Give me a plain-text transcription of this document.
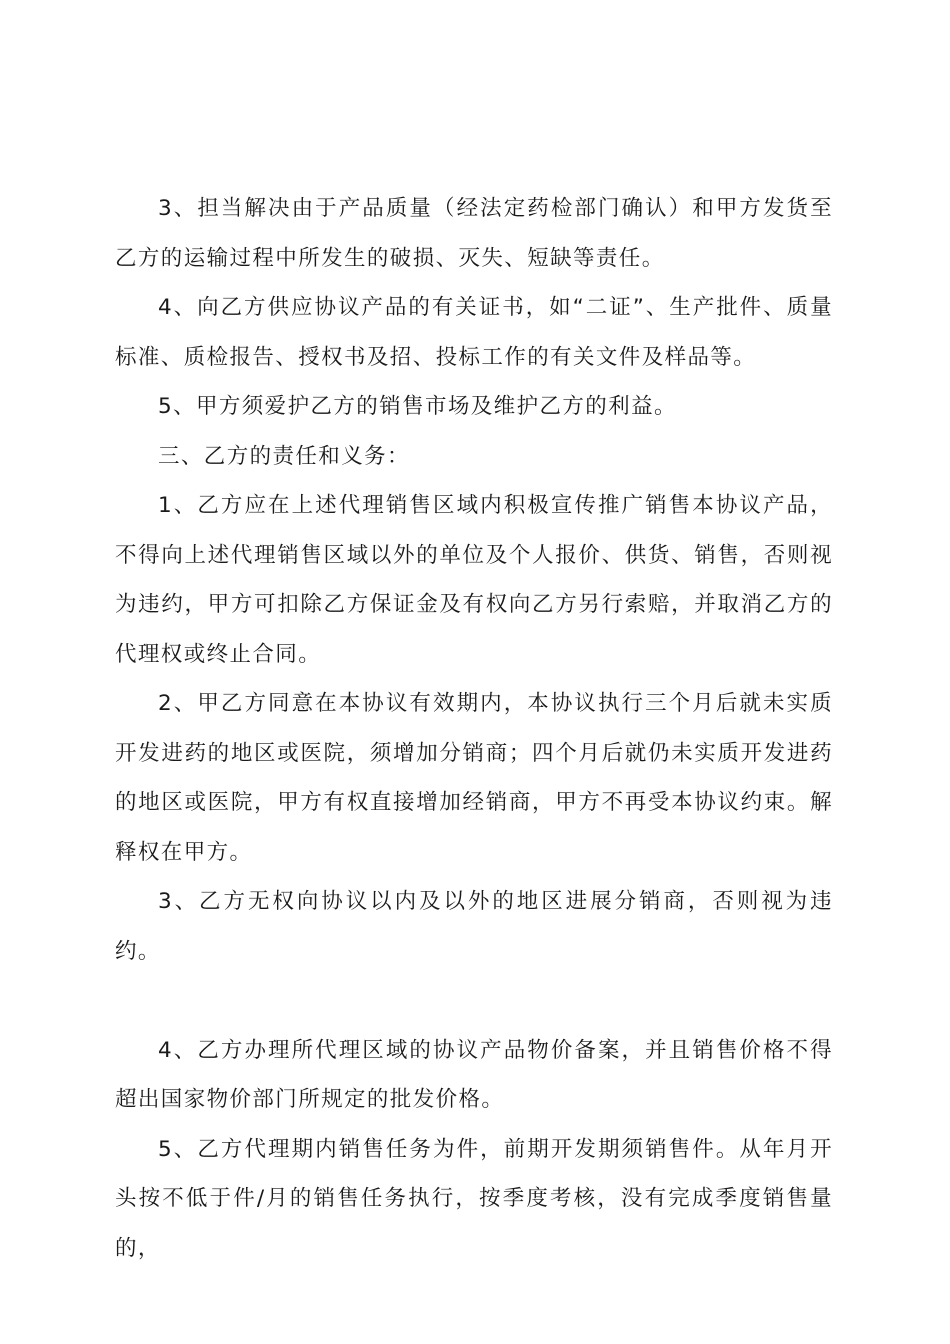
3、担当解决由于产品质量（经法定药检部门确认）和甲方发货至乙方的运输过程中所发生的破损、灭失、短缺等责任。

4、向乙方供应协议产品的有关证书，如“二证”、生产批件、质量标准、质检报告、授权书及招、投标工作的有关文件及样品等。

5、甲方须爱护乙方的销售市场及维护乙方的利益。

三、乙方的责任和义务：

1、乙方应在上述代理销售区域内积极宣传推广销售本协议产品，不得向上述代理销售区域以外的单位及个人报价、供货、销售，否则视为违约，甲方可扣除乙方保证金及有权向乙方另行索赔，并取消乙方的代理权或终止合同。

2、甲乙方同意在本协议有效期内，本协议执行三个月后就未实质开发进药的地区或医院，须增加分销商；四个月后就仍未实质开发进药的地区或医院，甲方有权直接增加经销商，甲方不再受本协议约束。解释权在甲方。

3、乙方无权向协议以内及以外的地区进展分销商，否则视为违约。

4、乙方办理所代理区域的协议产品物价备案，并且销售价格不得超出国家物价部门所规定的批发价格。

5、乙方代理期内销售任务为件，前期开发期须销售件。从年月开头按不低于件/月的销售任务执行，按季度考核，没有完成季度销售量的，
